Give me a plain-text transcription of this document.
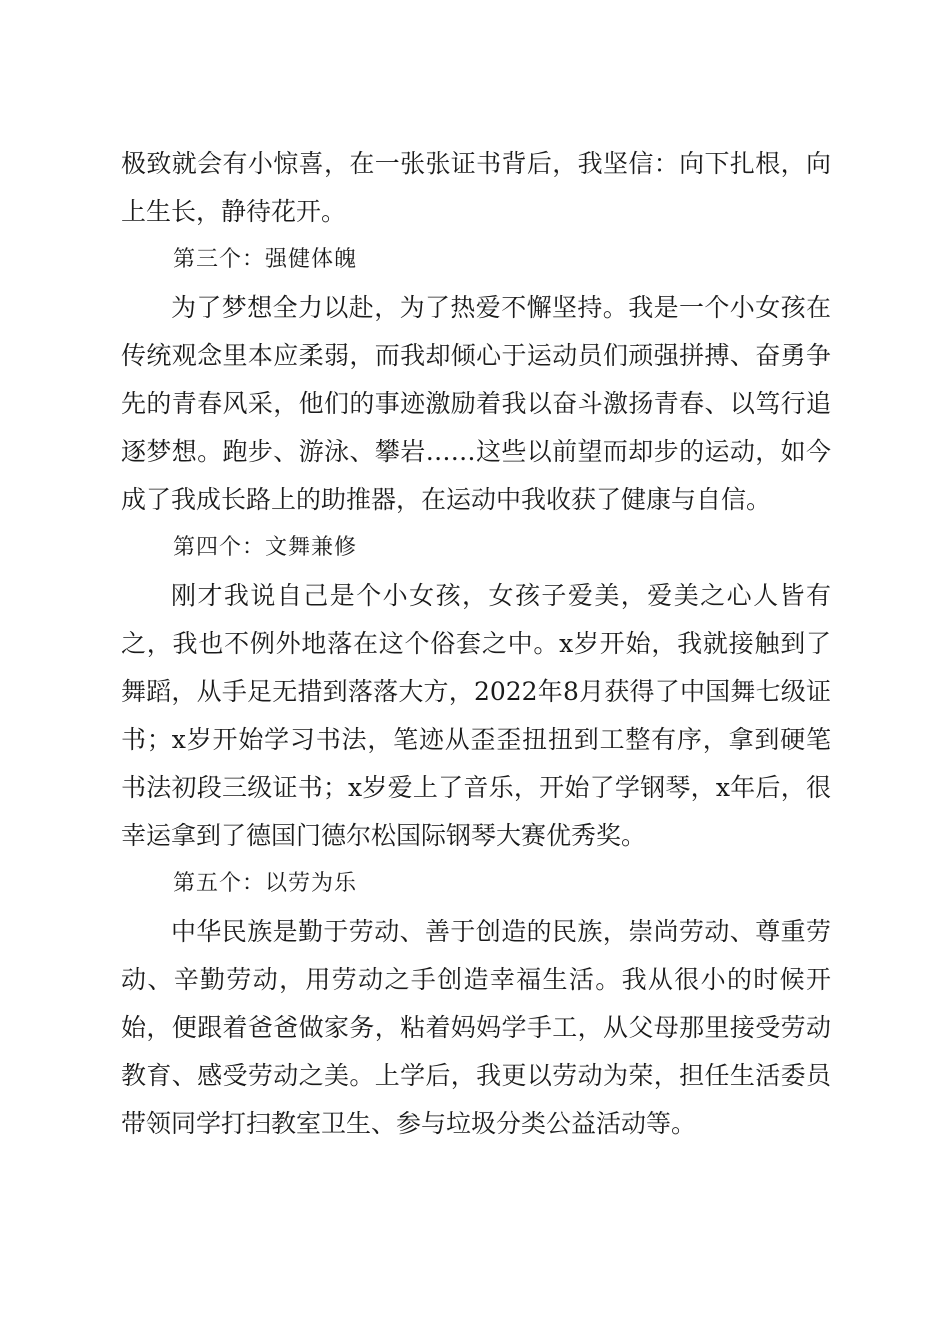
极致就会有小惊喜，在一张张证书背后，我坚信：向下扎根，向上生长，静待花开。

第三个：强健体魄

为了梦想全力以赴，为了热爱不懈坚持。我是一个小女孩在传统观念里本应柔弱，而我却倾心于运动员们顽强拼搏、奋勇争先的青春风采，他们的事迹激励着我以奋斗激扬青春、以笃行追逐梦想。跑步、游泳、攀岩……这些以前望而却步的运动，如今成了我成长路上的助推器，在运动中我收获了健康与自信。

第四个：文舞兼修

刚才我说自己是个小女孩，女孩子爱美，爱美之心人皆有之，我也不例外地落在这个俗套之中。x岁开始，我就接触到了舞蹈，从手足无措到落落大方，2022年8月获得了中国舞七级证书；x岁开始学习书法，笔迹从歪歪扭扭到工整有序，拿到硬笔书法初段三级证书；x岁爱上了音乐，开始了学钢琴，x年后，很幸运拿到了德国门德尔松国际钢琴大赛优秀奖。

第五个：以劳为乐

中华民族是勤于劳动、善于创造的民族，崇尚劳动、尊重劳动、辛勤劳动，用劳动之手创造幸福生活。我从很小的时候开始，便跟着爸爸做家务，粘着妈妈学手工，从父母那里接受劳动教育、感受劳动之美。上学后，我更以劳动为荣，担任生活委员带领同学打扫教室卫生、参与垃圾分类公益活动等。
